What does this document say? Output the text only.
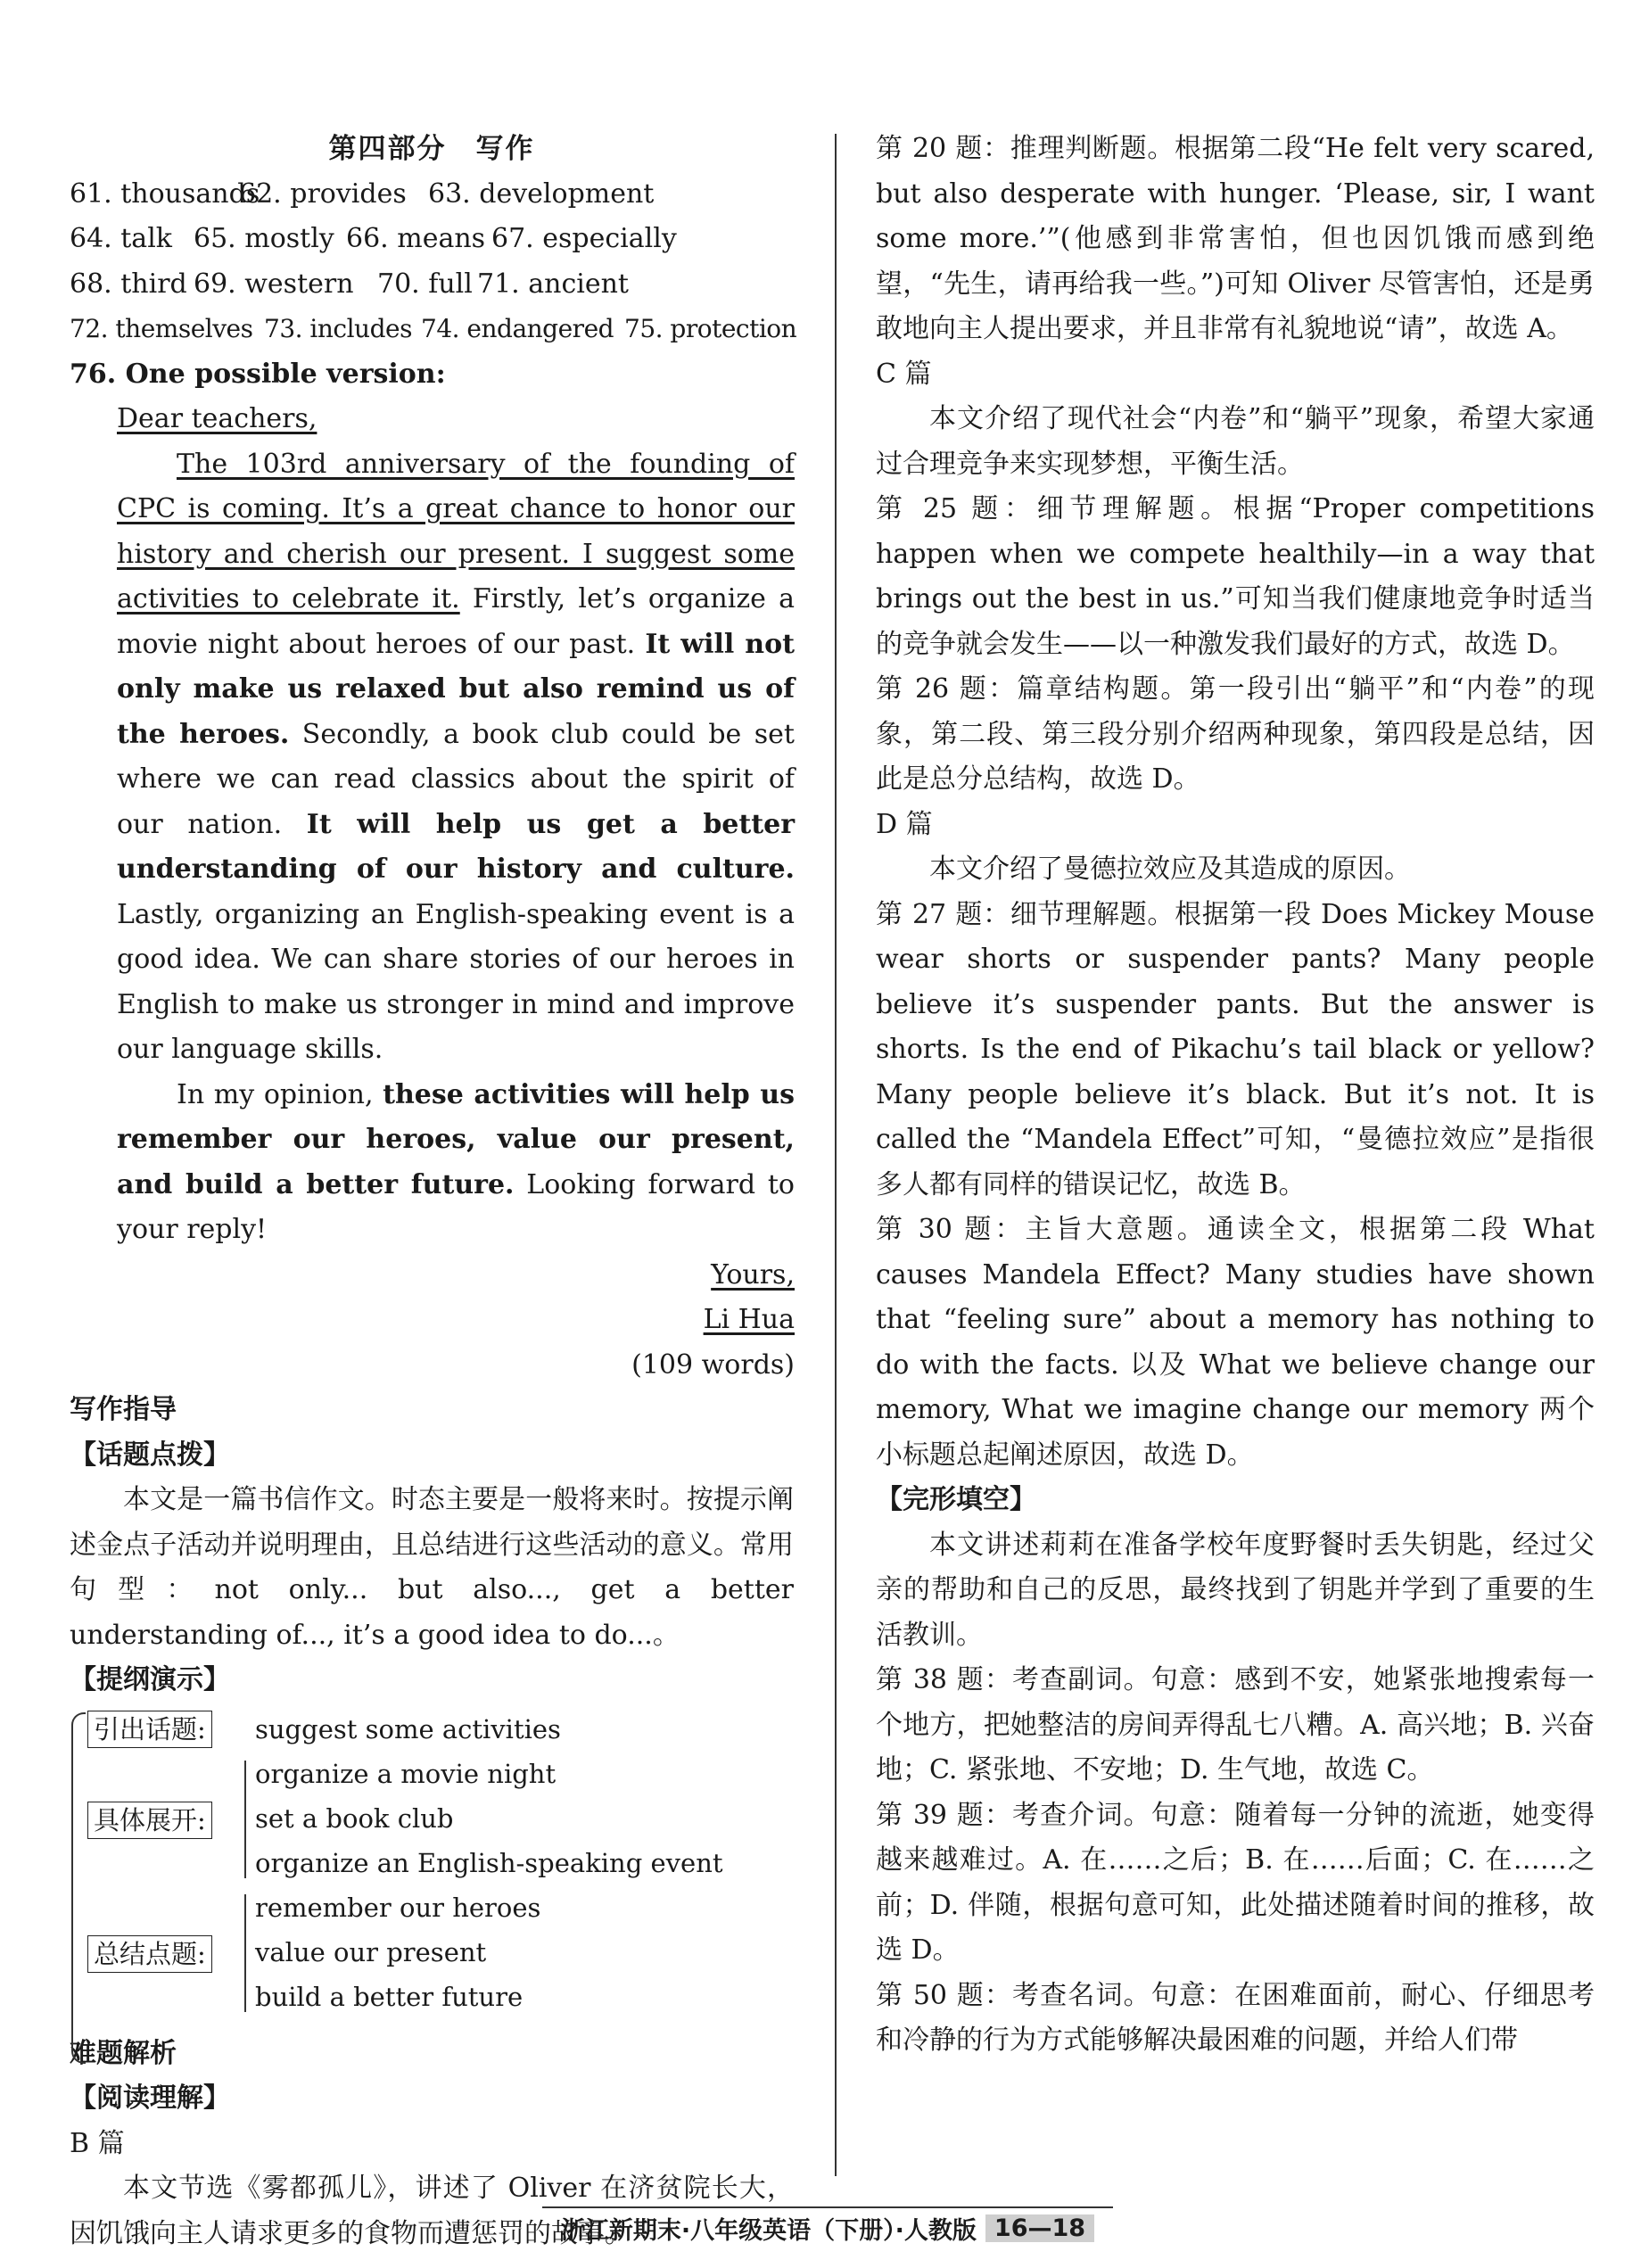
第四部分　写作

61. thousands62. provides 63. development

64. talk 65. mostly 66. means 67. especially

68. third 69. western 70. full 71. ancient

72. themselves 73. includes 74. endangered 75. protection

76. One possible version:

Dear teachers,

The 103rd anniversary of the founding of CPC is coming. It’s a great chance to honor our history and cherish our present. I suggest some activities to celebrate it. Firstly, let’s organize a movie night about heroes of our past. It will not only make us relaxed but also remind us of the heroes. Secondly, a book club could be set where we can read classics about the spirit of our nation. It will help us get a better understanding of our history and culture. Lastly, organizing an English-speaking event is a good idea. We can share stories of our heroes in English to make us stronger in mind and improve our language skills.

In my opinion, these activities will help us remember our heroes, value our present, and build a better future. Looking forward to your reply!

Yours,

Li Hua

(109 words)

写作指导

【话题点拨】

本文是一篇书信作文。时态主要是一般将来时。按提示阐述金点子活动并说明理由，且总结进行这些活动的意义。常用句型：not only... but also..., get a better understanding of..., it’s a good idea to do...。

【提纲演示】

引出话题: suggest some activities
具体展开:
organize a movie night
set a book club
organize an English-speaking event
总结点题:
remember our heroes
value our present
build a better future

难题解析

【阅读理解】

B 篇

本文节选《雾都孤儿》，讲述了 Oliver 在济贫院长大，因饥饿向主人请求更多的食物而遭惩罚的故事。

第 20 题：推理判断题。根据第二段“He felt very scared, but also desperate with hunger. ‘Please, sir, I want some more.’”(他感到非常害怕，但也因饥饿而感到绝望，“先生，请再给我一些。”)可知 Oliver 尽管害怕，还是勇敢地向主人提出要求，并且非常有礼貌地说“请”，故选 A。

C 篇

本文介绍了现代社会“内卷”和“躺平”现象，希望大家通过合理竞争来实现梦想，平衡生活。

第 25 题：细节理解题。根据“Proper competitions happen when we compete healthily—in a way that brings out the best in us.”可知当我们健康地竞争时适当的竞争就会发生——以一种激发我们最好的方式，故选 D。

第 26 题：篇章结构题。第一段引出“躺平”和“内卷”的现象，第二段、第三段分别介绍两种现象，第四段是总结，因此是总分总结构，故选 D。

D 篇

本文介绍了曼德拉效应及其造成的原因。

第 27 题：细节理解题。根据第一段 Does Mickey Mouse wear shorts or suspender pants? Many people believe it’s suspender pants. But the answer is shorts. Is the end of Pikachu’s tail black or yellow? Many people believe it’s black. But it’s not. It is called the “Mandela Effect”可知，“曼德拉效应”是指很多人都有同样的错误记忆，故选 B。

第 30 题：主旨大意题。通读全文，根据第二段 What causes Mandela Effect? Many studies have shown that “feeling sure” about a memory has nothing to do with the facts. 以及 What we believe change our memory, What we imagine change our memory 两个小标题总起阐述原因，故选 D。

【完形填空】

本文讲述莉莉在准备学校年度野餐时丢失钥匙，经过父亲的帮助和自己的反思，最终找到了钥匙并学到了重要的生活教训。

第 38 题：考查副词。句意：感到不安，她紧张地搜索每一个地方，把她整洁的房间弄得乱七八糟。A. 高兴地；B. 兴奋地；C. 紧张地、不安地；D. 生气地，故选 C。

第 39 题：考查介词。句意：随着每一分钟的流逝，她变得越来越难过。A. 在……之后；B. 在……后面；C. 在……之前；D. 伴随，根据句意可知，此处描述随着时间的推移，故选 D。

第 50 题：考查名词。句意：在困难面前，耐心、仔细思考和冷静的行为方式能够解决最困难的问题，并给人们带

浙江新期末·八年级英语（下册）·人教版 16—18
